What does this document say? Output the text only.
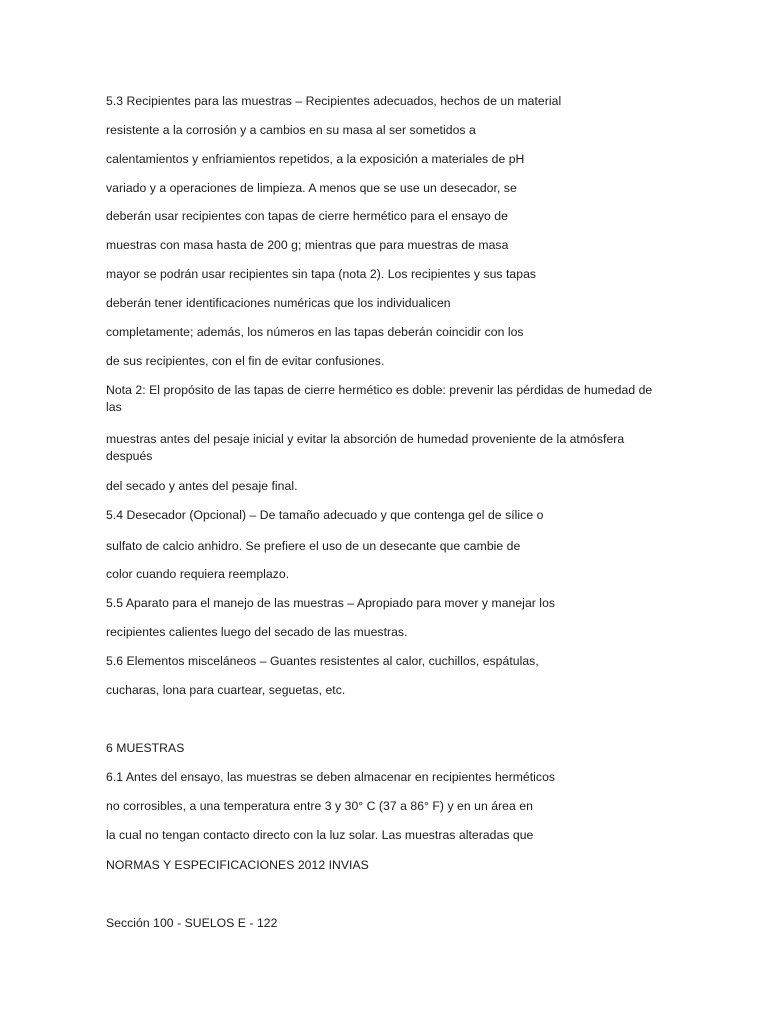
5.3 Recipientes para las muestras – Recipientes adecuados, hechos de un material
resistente a la corrosión y a cambios en su masa al ser sometidos a
calentamientos y enfriamientos repetidos, a la exposición a materiales de pH
variado y a operaciones de limpieza. A menos que se use un desecador, se
deberán usar recipientes con tapas de cierre hermético para el ensayo de
muestras con masa hasta de 200 g; mientras que para muestras de masa
mayor se podrán usar recipientes sin tapa (nota 2). Los recipientes y sus tapas
deberán tener identificaciones numéricas que los individualicen
completamente; además, los números en las tapas deberán coincidir con los
de sus recipientes, con el fin de evitar confusiones.
Nota 2: El propósito de las tapas de cierre hermético es doble: prevenir las pérdidas de humedad de las
muestras antes del pesaje inicial y evitar la absorción de humedad proveniente de la atmósfera después
del secado y antes del pesaje final.
5.4 Desecador (Opcional) – De tamaño adecuado y que contenga gel de sílice o
sulfato de calcio anhidro. Se prefiere el uso de un desecante que cambie de
color cuando requiera reemplazo.
5.5 Aparato para el manejo de las muestras – Apropiado para mover y manejar los
recipientes calientes luego del secado de las muestras.
5.6 Elementos misceláneos – Guantes resistentes al calor, cuchillos, espátulas,
cucharas, lona para cuartear, seguetas, etc.
6 MUESTRAS
6.1 Antes del ensayo, las muestras se deben almacenar en recipientes herméticos
no corrosibles, a una temperatura entre 3 y 30° C (37 a 86° F) y en un área en
la cual no tengan contacto directo con la luz solar. Las muestras alteradas que
NORMAS Y ESPECIFICACIONES 2012 INVIAS
Sección 100 - SUELOS E - 122
